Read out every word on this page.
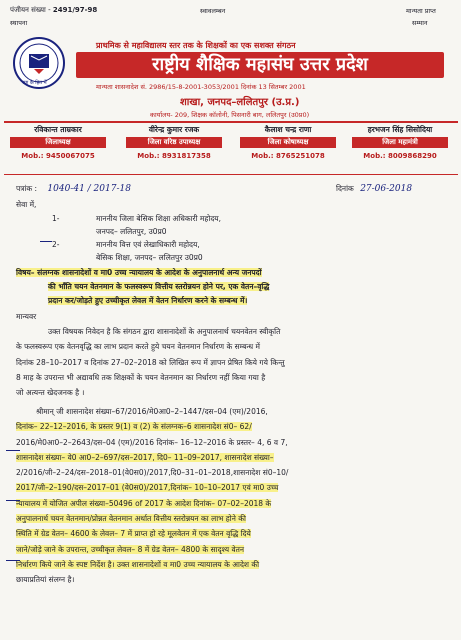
पंजीयन संख्या - 2491/97-98
स्थापना
स्वावलम्बन	मान्यता प्राप्त
सम्मान
राष्ट्र के हित में
प्राथमिक से महाविद्यालय स्तर तक के शिक्षकों का एक सशक्त संगठन
राष्ट्रीय शैक्षिक महासंघ उत्तर प्रदेश
मान्यता शासनादेश सं. 2986/15-8-2001-3053/2001 दिनांक 13 सितम्बर 2001
शाखा, जनपद–ललितपुर (उ.प्र.)
कार्यालय- 209, शिक्षक कॉलोनी, पिसनारी बाग, ललितपुर (उ0प्र0)
रविकान्त ताम्रकार
जिलाध्यक्ष
Mob.: 9450067075
वीरेन्द्र कुमार रजक
जिला वरिष्ठ उपाध्यक्ष
Mob.: 8931817358
कैलाश चन्द्र राणा
जिला कोषाध्यक्ष
Mob.: 8765251078
हरभजन सिंह सिसोदिया
जिला महामंत्री
Mob.: 8009868290
पत्रांक : 1040-41 / 2017-18	दिनांक 27-06-2018
सेवा में,
1-	माननीय जिला बेसिक शिक्षा अधिकारी महोदय,
जनपद– ललितपुर, उ0प्र0
2-	माननीय वित्त एवं लेखाधिकारी महोदय,
बेसिक शिक्षा, जनपद– ललितपुर उ0प्र0
विषय– संलग्नक शासनादेशों व मा0 उच्च न्यायालय के आदेश के अनुपालनार्थ अन्य जनपदों
की भाँति चयन वेतनमान के फलस्वरूप वित्तीय स्तरोन्नयन होने पर, एक वेतन–वृद्धि
प्रदान कर/जोड़ते हुए उच्चीकृत लेवल में वेतन निर्धारण करने के सम्बन्ध में।
मान्यवर
उक्त विषयक निवेदन है कि संगठन द्वारा शासनादेशों के अनुपालनार्थ चयनवेतन स्वीकृति
के फलस्वरूप एक वेतनवृद्धि का लाभ प्रदान करते हुये चयन वेतनमान निर्धारण के सम्बन्ध में
दिनांक 28–10–2017 व दिनांक 27–02–2018 को लिखित रूप में ज्ञापन प्रेषित किये गये किन्तु
8 माह के उपरान्त भी अद्यावधि तक शिक्षकों के चयन वेतनमान का निर्धारण नहीं किया गया है
जो अत्यन्त खेदजनक है ।
श्रीमान् जी शासनादेश संख्या–67/2016/मे0आ0–2–1447/दस–04 (एम)/2016,
दिनांक– 22–12–2016, के प्रस्तर 9(1) व (2) के संलग्नक–6 शासनादेश सं0– 62/
2016/मे0आ0–2–2643/दस–04 (एम)/2016 दिनांक– 16–12–2016 के प्रस्तर– 4, 6 व 7,
शासनादेश संख्या– वे0 आ0–2–697/दस–2017, दि0– 11–09–2017, शासनादेश संख्या–
2/2016/जी–2–24/दस–2018–01(वे0स0)/2017,दि0–31–01–2018,शासनादेश सं0–10/
2017/जी–2–190/दस–2017–01 (वे0स0)/2017,दिनांक– 10–10–2017 एवं मा0 उच्च
न्यायालय में योजित अपील संख्या–50496 of 2017 के आदेश दिनांक– 07–02–2018 के
अनुपालनार्थ चयन वेतनमान/प्रोन्नत वेतनमान अर्थात वित्तीय स्तरोन्नयन का लाभ होने की
स्थिति में ग्रेड वेतन– 4600 के लेवल– 7 में प्राप्त हो रहे मूलवेतन में एक वेतन वृद्धि दिये
जाने/जोड़े जाने के उपरान्त, उच्चीकृत लेवल– 8 में ग्रेड वेतन– 4800 के सादृश्य वेतन
निर्धारण किये जाने के स्पष्ट निर्देश है। उक्त शासनादेशों व मा0 उच्च न्यायालय के आदेश की
छायाप्रतियां संलग्न है।
